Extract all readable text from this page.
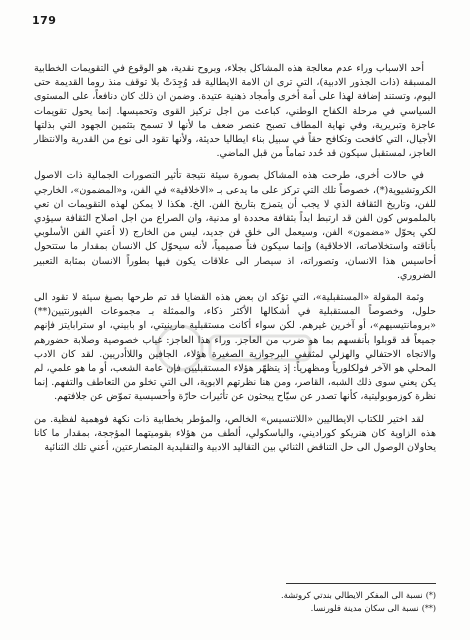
179

أحد الاسباب وراء عدم معالجة هذه المشاكل بجلاء، وبروح نقدية، هو الوقوع في التقويمات الخطابية المسبقة (ذات الجذور الادبية)، التي ترى ان الامة الايطالية قد وُجِدَتْ بلا توقف منذ روما القديمة حتى اليوم، وتستند إضافة لهذا على أمة أخرى وأمجاد ذهنية عتيدة. وضمن ان ذلك كان دنافعاً، على المستوى السياسي في مرحلة الكفاح الوطني، كباعث من اجل تركيز القوى وتحميسها. إنما يحول تقويمات عاجزة وتبريرية، وفي نهاية المطاف تصبح عنصر ضعف ما لأنها لا تسمح بتثمين الجهود التي بذلتها الأجيال، التي كافحت وتكافح حقاً في سبيل بناء ايطاليا حديثة، ولأنها تقود الى نوع من القدرية والانتظار العاجز، لمستقبل سيكون قد حُدد تماماً من قبل الماضي.

في حالات أخرى، طرحت هذه المشاكل بصورة سيئة نتيجة تأثير التصورات الجمالية ذات الاصول الكروتشيوية(*)، خصوصاً تلك التي تركز على ما يدعى بـ «الاخلاقية» في الفن، و«المضمون»، الخارجي للفن، وتاريخ الثقافة الذي لا يجب أن يتمزج بتاريخ الفن. الخ. هكذا لا يمكن لهذه التقويمات ان تعي بالملموس كون الفن قد ارتبط ابداً بثقافة محددة او مدنية، وان الصراع من اجل اصلاح الثقافة سيؤدي لكي يحوّل «مضمون» الفن، وسيعمل الى خلق فن جديد، ليس من الخارج (لا أعني الفن الأسلوبي بأناقته واستخلاصاته، الاخلاقية) وإنما سيكون فناً صميمياً، لأنه سيحوّل كل الانسان بمقدار ما ستتحول أحاسيس هذا الانسان، وتصوراته، اذ سيصار الى علاقات يكون فيها بطوراً الانسان بمثابة التعبير الضروري.

وثمة المقولة «المستقبلية»، التي تؤكد ان بعض هذه القضايا قد تم طرحها بصيغ سيئة لا تقود الى حلول، وخصوصاً المستقبلية في أشكالها الأكثر ذكاء، والممثلة بـ مجموعات الفيورنتيين(**) «برومانتيسيهم»، أو آخرين غيرهم. لكن سواء أكانت مستقبلية مارينيتي، او بابيني، او سترابايتز فإنهم جميعاً قد قوبلوا بأنفسهم بما هو ضرب من العاجز. وراء هذا العاجز: غياب خصوصية وصلابة حضورهم والاتجاه الاحتفالي والهزلي لمثقفي البرجوازية الصغيرة هؤلاء، الجافين واللاأدريين. لقد كان الادب المحلي هو الآخر فولكلورياً ومظهرياً: إذ يتظهّر هؤلاء المستقبليين فإن عامة الشعب، أو ما هو علمي، لم يكن يعني سوى ذلك الشبه، القاصر، ومن هنا نظرتهم الابوية، الى التي تخلو من التعاطف والتفهم. إنما نظرة كوزموبوليتية، كأنها تصدر عن سيّاح يبحثون عن تأثيرات حارّة وأحسيسية تموّض عن جلافتهم.

لقد اختير للكتاب الايطاليين «اللاتنسيس» الخالص، والمؤطر بخطابية ذات نكهة فوهمية لفظية. من هذه الزاوية كان هنريكو كوراديني، والباسكولي، ألطف من هؤلاء بقوميتهما المؤججة، بمقدار ما كانا يحاولان الوصول الى حل التناقض الثنائي بين التقاليد الادبية والتقليدية المتصارعتين، أعني تلك الثنائية

(*)نسبة الى المفكر الايطالي بندتي كروتشة.
(**)نسبة الى سكان مدينة فلورنسا.
